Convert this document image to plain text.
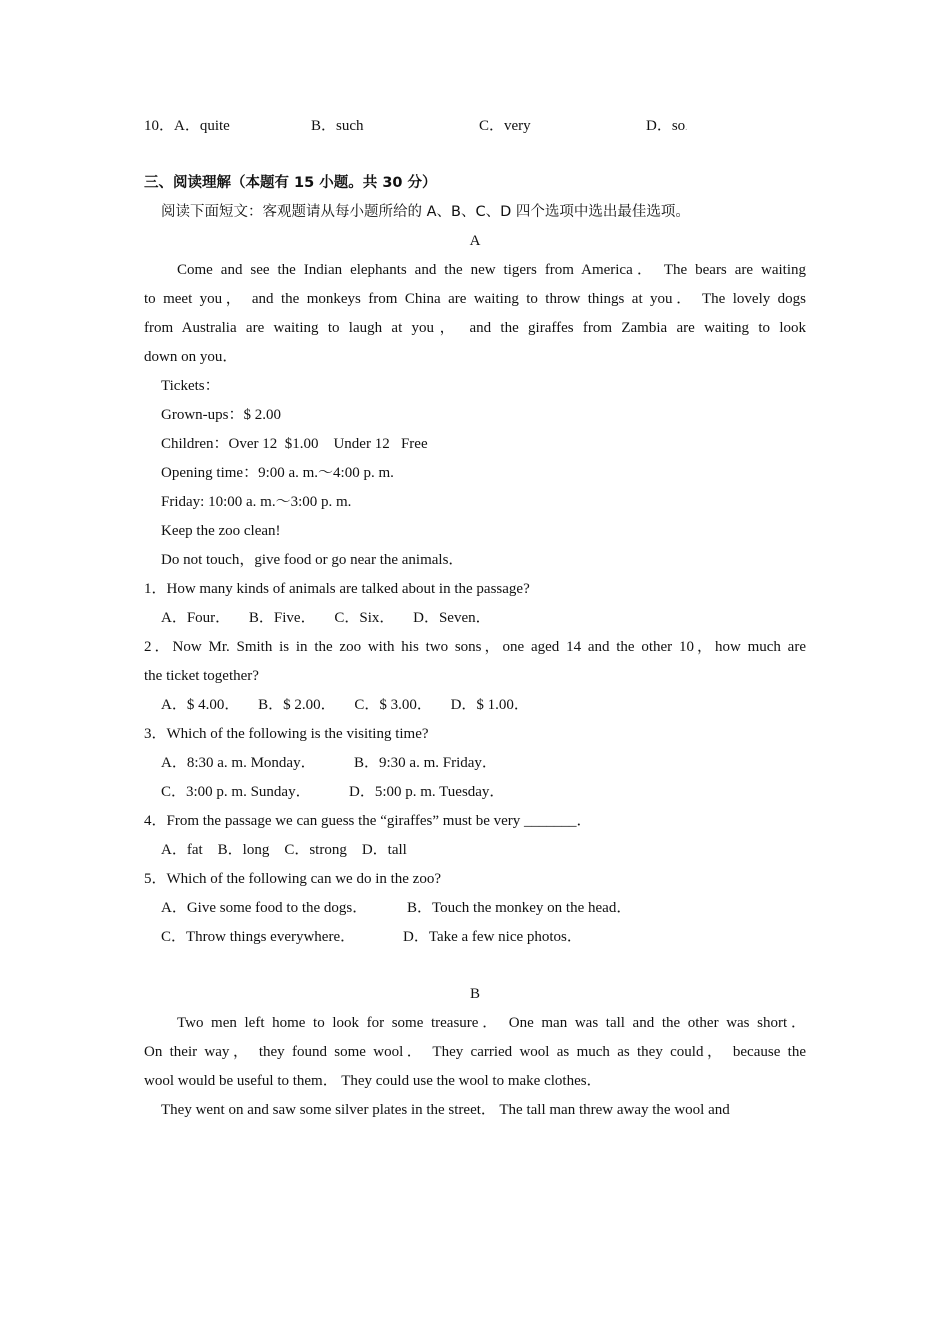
10．A．quite	B．such	C．very	D．so.
三、阅读理解（本题有 15 小题。共 30 分）
阅读下面短文：客观题请从每小题所给的 A、B、C、D 四个选项中选出最佳选项。
A
Come and see the Indian elephants and the new tigers from America． The bears are waiting
to meet you， and the monkeys from China are waiting to throw things at you． The lovely dogs
from Australia are waiting to laugh at you， and the giraffes from Zambia are waiting to look
down on you．
Tickets：
Grown-ups：$ 2.00
Children：Over 12  $1.00    Under 12   Free
Opening time：9:00 a. m.～4:00 p. m.
Friday: 10:00 a. m.～3:00 p. m.
Keep the zoo clean!
Do not touch，give food or go near the animals．
1．How many kinds of animals are talked about in the passage?
A．Four．     B．Five．     C．Six．     D．Seven．
2．Now Mr. Smith is in the zoo with his two sons，one aged 14 and the other 10，how much are
the ticket together?
A．$ 4.00．     B．$ 2.00．     C．$ 3.00．     D．$ 1.00．
3．Which of the following is the visiting time?
A．8:30 a. m. Monday．	B．9:30 a. m. Friday．
C．3:00 p. m. Sunday．	D．5:00 p. m. Tuesday．
4．From the passage we can guess the “giraffes” must be very _______．
A．fat    B．long    C．strong    D．tall
5．Which of the following can we do in the zoo?
A．Give some food to the dogs．	B．Touch the monkey on the head．
C．Throw things everywhere．	D．Take a few nice photos．
B
Two men left home to look for some treasure． One man was tall and the other was short．
On their way， they found some wool． They carried wool as much as they could， because the
wool would be useful to them． They could use the wool to make clothes．
They went on and saw some silver plates in the street． The tall man threw away the wool and
